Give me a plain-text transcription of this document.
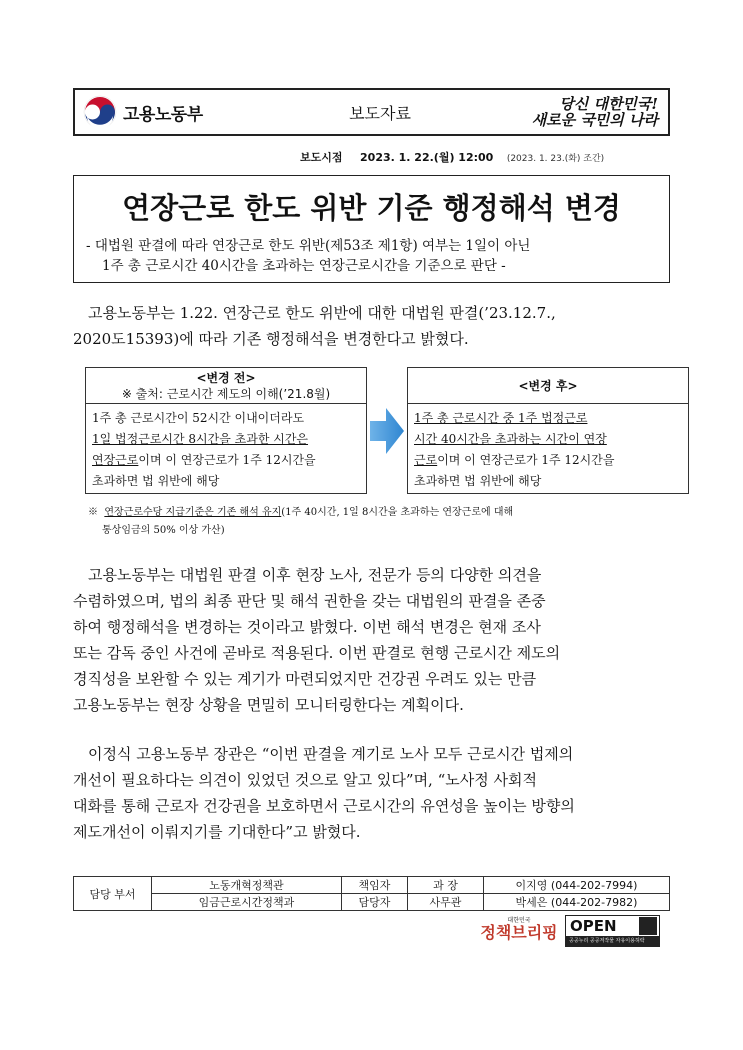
고용노동부	보도자료	당신 대한민국!
새로운 국민의 나라
보도시점 2023. 1. 22.(월) 12:00 (2023. 1. 23.(화) 조간)
연장근로 한도 위반 기준 행정해석 변경
- 대법원 판결에 따라 연장근로 한도 위반(제53조 제1항) 여부는 1일이 아닌
1주 총 근로시간 40시간을 초과하는 연장근로시간을 기준으로 판단 -
고용노동부는 1.22. 연장근로 한도 위반에 대한 대법원 판결(’23.12.7.,
2020도15393)에 따라 기존 행정해석을 변경한다고 밝혔다.
<변경 전>
※ 출처: 근로시간 제도의 이해(’21.8월)
1주 총 근로시간이 52시간 이내이더라도
1일 법정근로시간 8시간을 초과한 시간은
연장근로이며 이 연장근로가 1주 12시간을
초과하면 법 위반에 해당
<변경 후>
1주 총 근로시간 중 1주 법정근로
시간 40시간을 초과하는 시간이 연장
근로이며 이 연장근로가 1주 12시간을
초과하면 법 위반에 해당
※ 연장근로수당 지급기준은 기존 해석 유지(1주 40시간, 1일 8시간을 초과하는 연장근로에 대해
통상임금의 50% 이상 가산)
고용노동부는 대법원 판결 이후 현장 노사, 전문가 등의 다양한 의견을
수렴하였으며, 법의 최종 판단 및 해석 권한을 갖는 대법원의 판결을 존중
하여 행정해석을 변경하는 것이라고 밝혔다. 이번 해석 변경은 현재 조사
또는 감독 중인 사건에 곧바로 적용된다. 이번 판결로 현행 근로시간 제도의
경직성을 보완할 수 있는 계기가 마련되었지만 건강권 우려도 있는 만큼
고용노동부는 현장 상황을 면밀히 모니터링한다는 계획이다.
이정식 고용노동부 장관은 “이번 판결을 계기로 노사 모두 근로시간 법제의
개선이 필요하다는 의견이 있었던 것으로 알고 있다”며, “노사정 사회적
대화를 통해 근로자 건강권을 보호하면서 근로시간의 유연성을 높이는 방향의
제도개선이 이뤄지기를 기대한다”고 밝혔다.
담당 부서	노동개혁정책관	책임자	과 장	이지영 (044-202-7994)
	임금근로시간정책과	담당자	사무관	박세은 (044-202-7982)
대한민국
정책브리핑 OPEN
공공누리 공공저작물 자유이용허락
